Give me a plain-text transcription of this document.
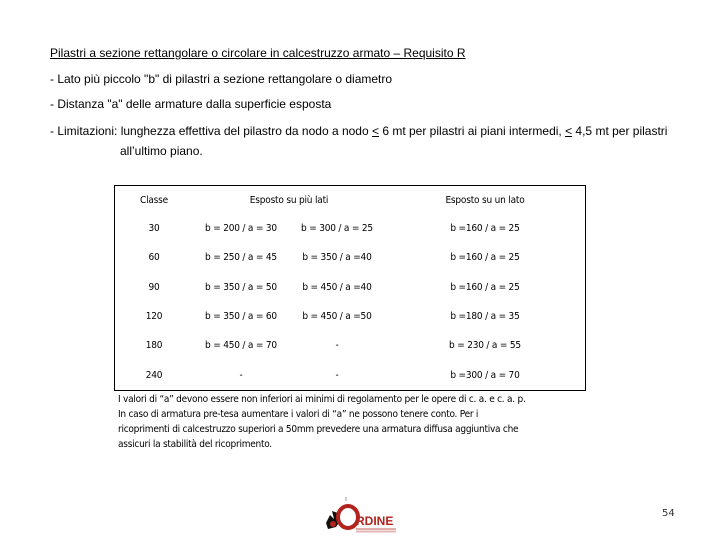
Pilastri a sezione rettangolare o circolare in calcestruzzo armato – Requisito R
- Lato più piccolo "b" di pilastri a sezione rettangolare o diametro
- Distanza "a" delle armature dalla superficie esposta
- Limitazioni: lunghezza effettiva del pilastro da nodo a nodo < 6 mt per pilastri ai piani intermedi, < 4,5 mt per pilastri
all’ultimo piano.
Classe	Esposto su più lati		Esposto su un lato
30	b = 200 / a = 30	b = 300 / a = 25	b =160 / a = 25
60	b = 250 / a = 45	b = 350 / a =40	b =160 / a = 25
90	b = 350 / a = 50	b = 450 / a =40	b =160 / a = 25
120	b = 350 / a = 60	b = 450 / a =50	b =180 / a = 35
180	b = 450 / a = 70	-	b = 230 / a = 55
240	-	-	b =300 / a = 70
I valori di “a” devono essere non inferiori ai minimi di regolamento per le opere di c. a. e c. a. p.
In caso di armatura pre-tesa aumentare i valori di “a” ne possono tenere conto. Per i
ricoprimenti di calcestruzzo superiori a 50mm prevedere una armatura diffusa aggiuntiva che
assicuri la stabilità del ricoprimento.
RDINE
54
